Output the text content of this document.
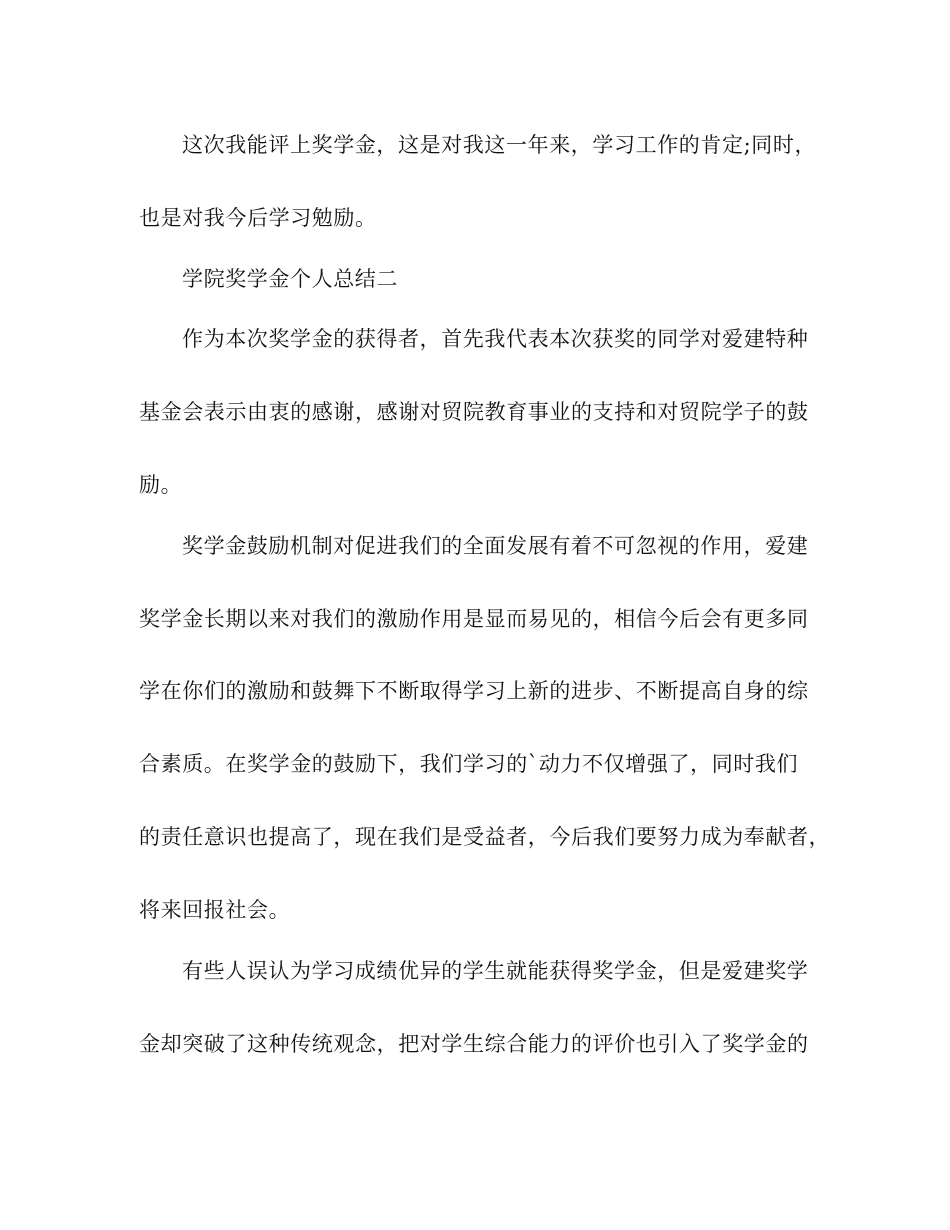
这次我能评上奖学金，这是对我这一年来，学习工作的肯定;同时，
也是对我今后学习勉励。
学院奖学金个人总结二
作为本次奖学金的获得者，首先我代表本次获奖的同学对爱建特种
基金会表示由衷的感谢，感谢对贸院教育事业的支持和对贸院学子的鼓
励。
奖学金鼓励机制对促进我们的全面发展有着不可忽视的作用，爱建
奖学金长期以来对我们的激励作用是显而易见的，相信今后会有更多同
学在你们的激励和鼓舞下不断取得学习上新的进步、不断提高自身的综
合素质。在奖学金的鼓励下，我们学习的`动力不仅增强了，同时我们
的责任意识也提高了，现在我们是受益者，今后我们要努力成为奉献者，
将来回报社会。
有些人误认为学习成绩优异的学生就能获得奖学金，但是爱建奖学
金却突破了这种传统观念，把对学生综合能力的评价也引入了奖学金的
